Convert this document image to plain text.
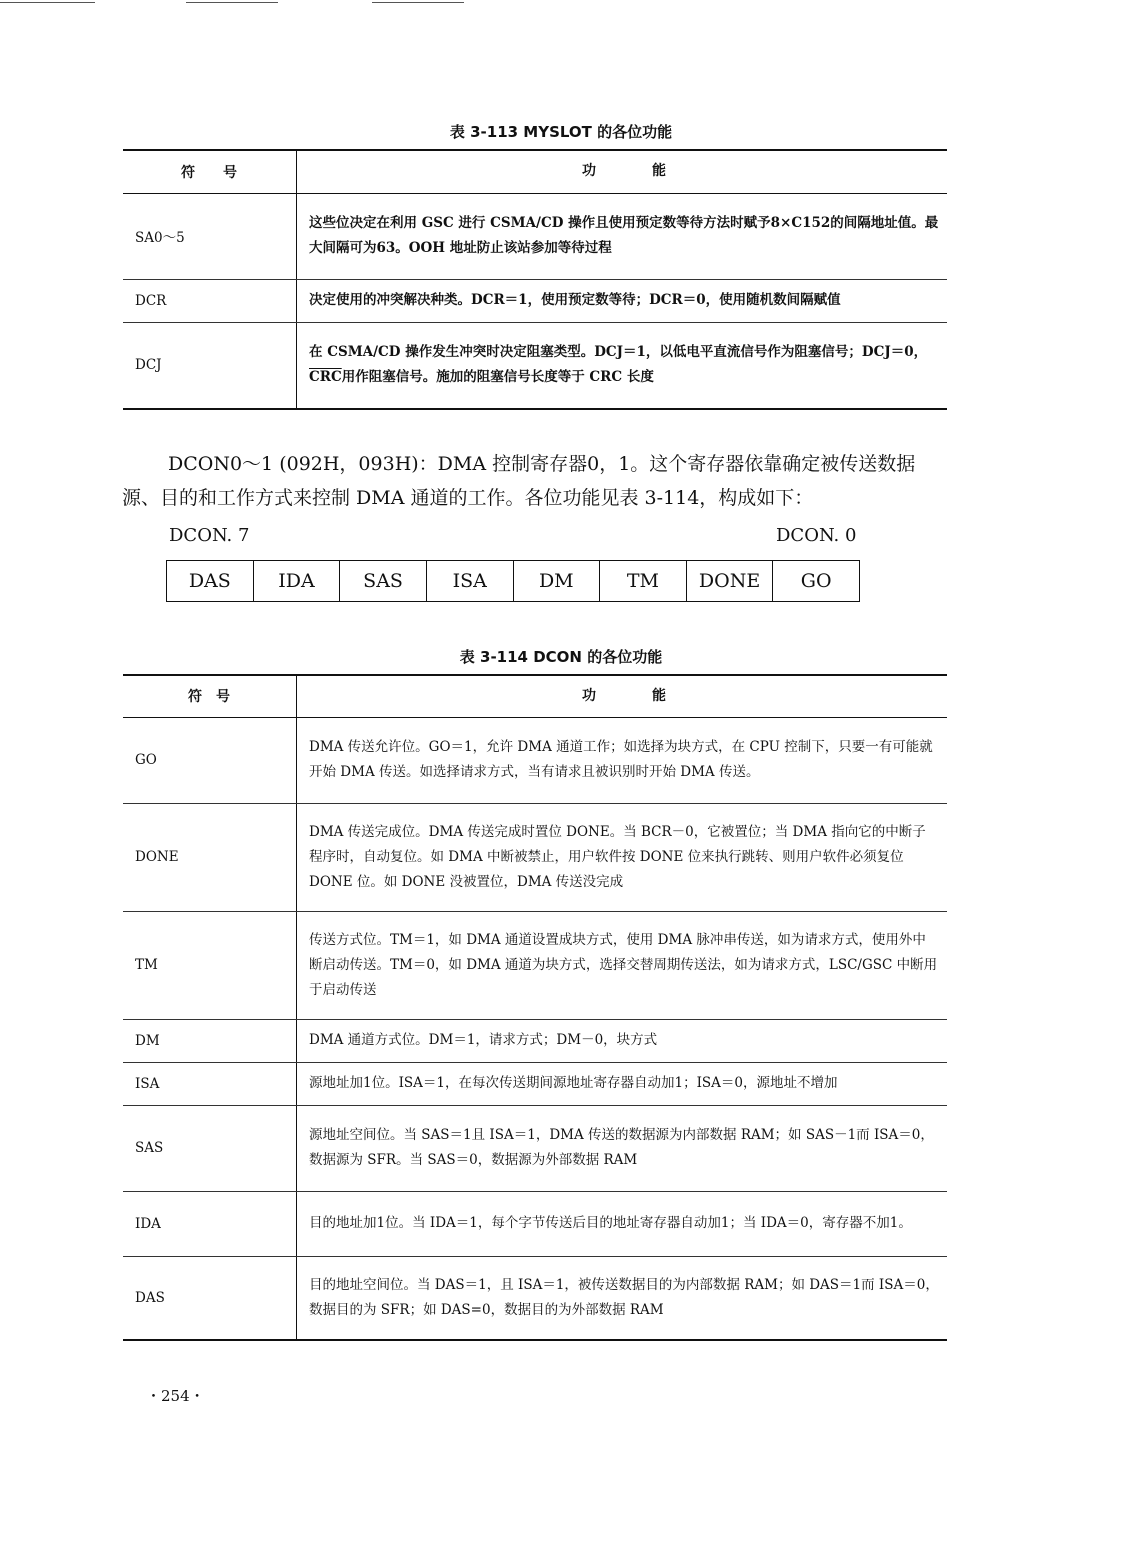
表 3-113 MYSLOT 的各位功能
符　　号	功　　　　能
SA0～5	这些位决定在利用 GSC 进行 CSMA/CD 操作且使用预定数等待方法时赋予8×C152的间隔地址值。最大间隔可为63。OOH 地址防止该站参加等待过程
DCR	决定使用的冲突解决种类。DCR＝1，使用预定数等待；DCR＝0，使用随机数间隔赋值
DCJ	在 CSMA/CD 操作发生冲突时决定阻塞类型。DCJ＝1，以低电平直流信号作为阻塞信号；DCJ＝0，$\overline{CRC}$用作阻塞信号。施加的阻塞信号长度等于 CRC 长度
DCON0～1 (092H，093H)：DMA 控制寄存器0，1。这个寄存器依靠确定被传送数据源、目的和工作方式来控制 DMA 通道的工作。各位功能见表 3-114，构成如下：
DCON. 7	DCON. 0
DAS	IDA	SAS	ISA	DM	TM	DONE	GO
表 3-114 DCON 的各位功能
符　号	功　　　　能
GO	DMA 传送允许位。GO＝1，允许 DMA 通道工作；如选择为块方式，在 CPU 控制下，只要一有可能就开始 DMA 传送。如选择请求方式，当有请求且被识别时开始 DMA 传送。
DONE	DMA 传送完成位。DMA 传送完成时置位 DONE。当 BCR－0，它被置位；当 DMA 指向它的中断子程序时，自动复位。如 DMA 中断被禁止，用户软件按 DONE 位来执行跳转、则用户软件必须复位 DONE 位。如 DONE 没被置位，DMA 传送没完成
TM	传送方式位。TM＝1，如 DMA 通道设置成块方式，使用 DMA 脉冲串传送，如为请求方式，使用外中断启动传送。TM＝0，如 DMA 通道为块方式，选择交替周期传送法，如为请求方式，LSC/GSC 中断用于启动传送
DM	DMA 通道方式位。DM＝1，请求方式；DM－0，块方式
ISA	源地址加1位。ISA＝1，在每次传送期间源地址寄存器自动加1；ISA＝0，源地址不增加
SAS	源地址空间位。当 SAS＝1且 ISA＝1，DMA 传送的数据源为内部数据 RAM；如 SAS－1而 ISA＝0，数据源为 SFR。当 SAS＝0，数据源为外部数据 RAM
IDA	目的地址加1位。当 IDA＝1，每个字节传送后目的地址寄存器自动加1；当 IDA＝0，寄存器不加1。
DAS	目的地址空间位。当 DAS＝1，且 ISA＝1，被传送数据目的为内部数据 RAM；如 DAS＝1而 ISA＝0，数据目的为 SFR；如 DAS=0，数据目的为外部数据 RAM
・254・
